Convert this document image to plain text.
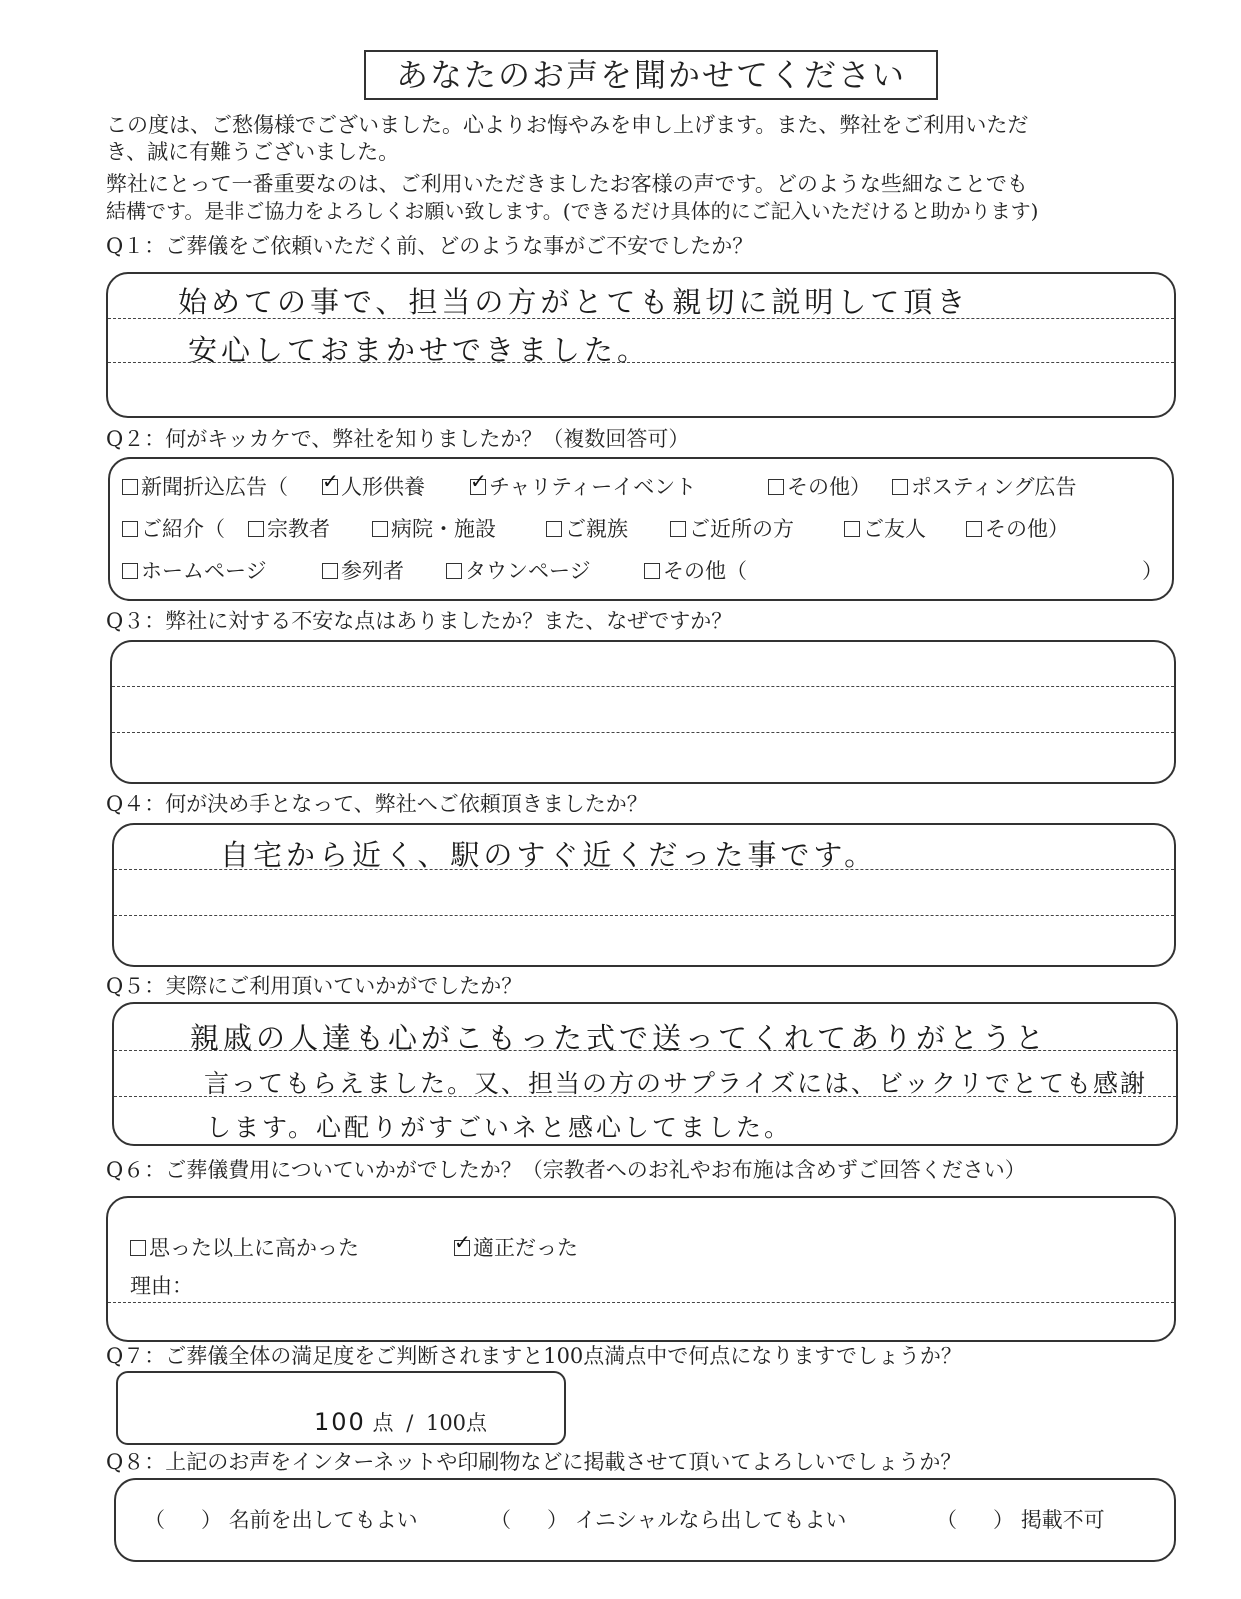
あなたのお声を聞かせてください
この度は、ご愁傷様でございました。心よりお悔やみを申し上げます。また、弊社をご利用いただ
き、誠に有難うございました。
弊社にとって一番重要なのは、ご利用いただきましたお客様の声です。どのような些細なことでも
結構です。是非ご協力をよろしくお願い致します。(できるだけ具体的にご記入いただけると助かります)
Q１：ご葬儀をご依頼いただく前、どのような事がご不安でしたか？
始めての事で、担当の方がとても親切に説明して頂き
安心しておまかせできました。
Q２：何がキッカケで、弊社を知りましたか？（複数回答可）
新聞折込広告（ ✓	人形供養 ✓	チャリティーイベント	その他）	ポスティング広告
ご紹介（	宗教者	病院・施設	ご親族	ご近所の方	ご友人	その他）
ホームページ	参列者	タウンページ	その他（	）
Q３：弊社に対する不安な点はありましたか？また、なぜですか？
Q４：何が決め手となって、弊社へご依頼頂きましたか？
自宅から近く、駅のすぐ近くだった事です。
Q５：実際にご利用頂いていかがでしたか？
親戚の人達も心がこもった式で送ってくれてありがとうと
言ってもらえました。又、担当の方のサプライズには、ビックリでとても感謝
します。心配りがすごいネと感心してました。
Q６：ご葬儀費用についていかがでしたか？（宗教者へのお礼やお布施は含めずご回答ください）
思った以上に高かった ✓	適正だった
理由：
Q７：ご葬儀全体の満足度をご判断されますと100点満点中で何点になりますでしょうか？
100 点 / 100点
Q８：上記のお声をインターネットや印刷物などに掲載させて頂いてよろしいでしょうか？
（ ） 名前を出してもよい	（ ） イニシャルなら出してもよい	（ ） 掲載不可
